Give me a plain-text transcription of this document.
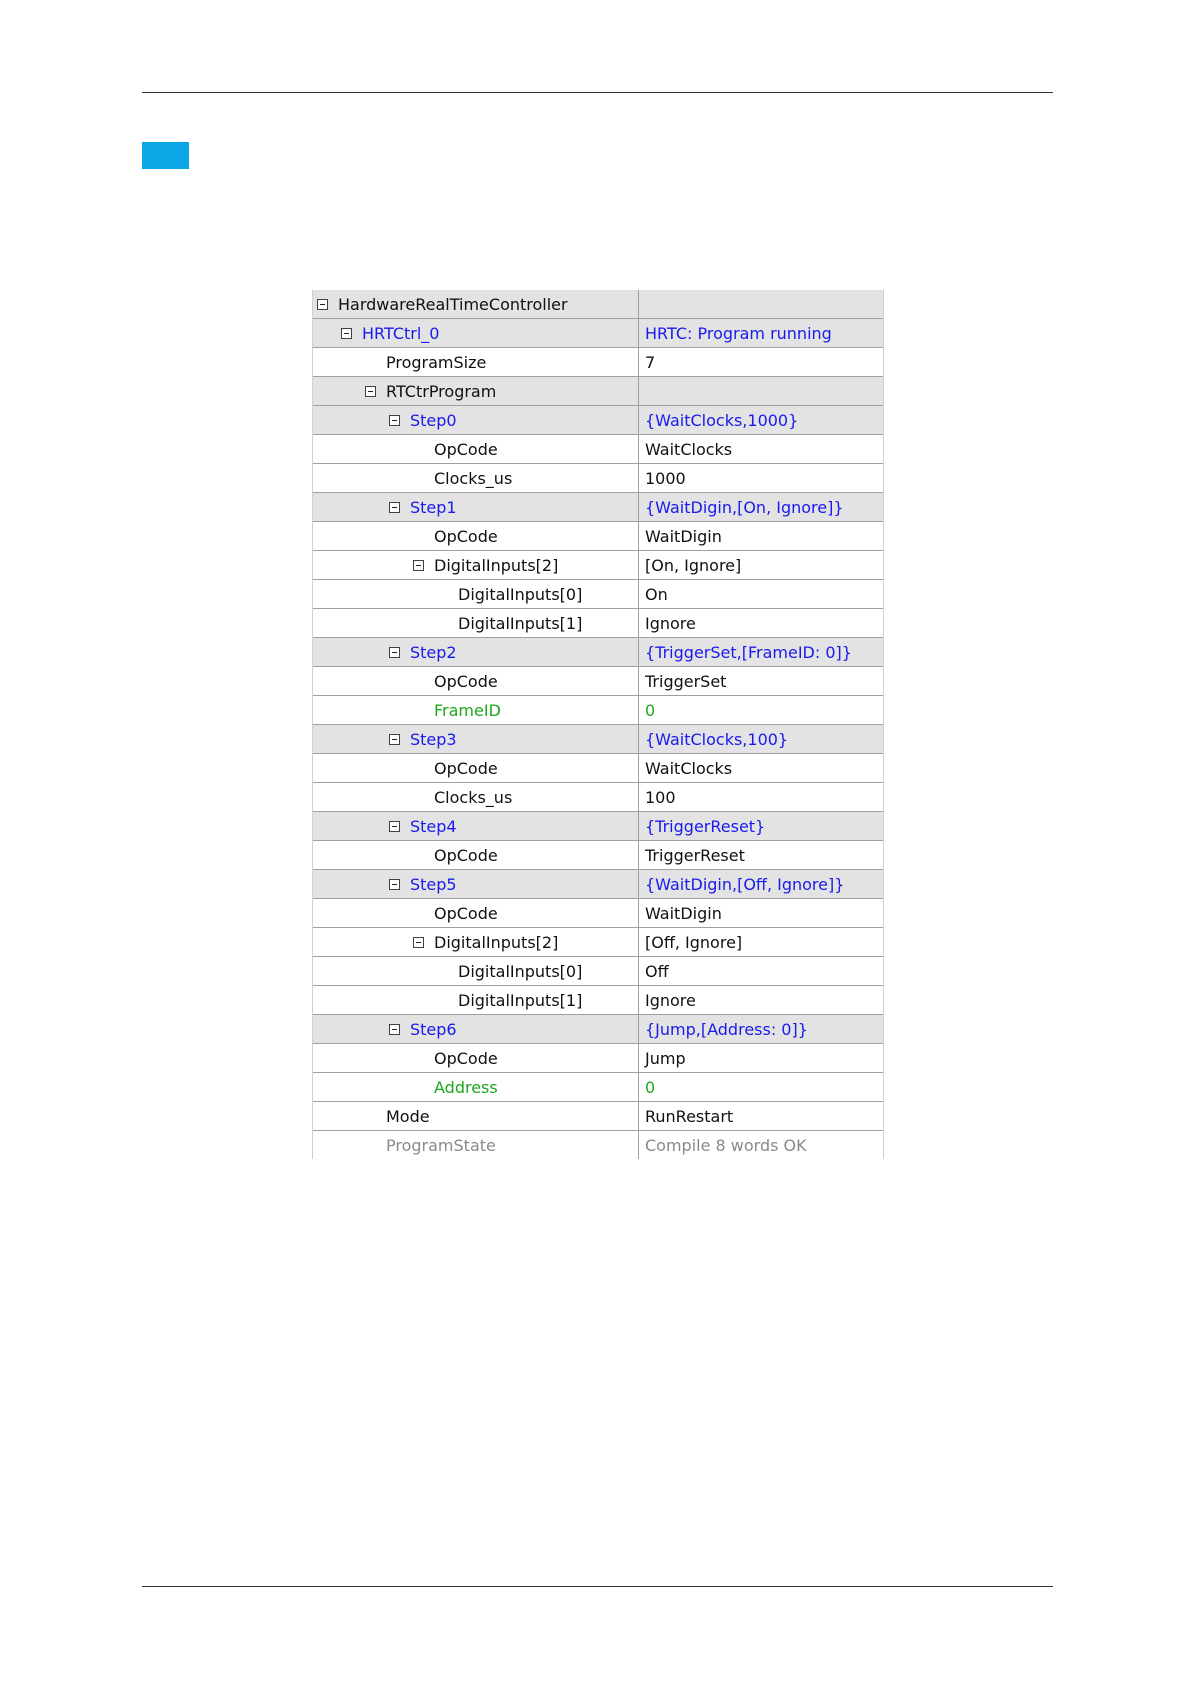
HardwareRealTimeController
HRTCtrl_0	HRTC: Program running
ProgramSize	7
RTCtrProgram
Step0	{WaitClocks,1000}
OpCode	WaitClocks
Clocks_us	1000
Step1	{WaitDigin,[On, Ignore]}
OpCode	WaitDigin
DigitalInputs[2]	[On, Ignore]
DigitalInputs[0]	On
DigitalInputs[1]	Ignore
Step2	{TriggerSet,[FrameID: 0]}
OpCode	TriggerSet
FrameID	0
Step3	{WaitClocks,100}
OpCode	WaitClocks
Clocks_us	100
Step4	{TriggerReset}
OpCode	TriggerReset
Step5	{WaitDigin,[Off, Ignore]}
OpCode	WaitDigin
DigitalInputs[2]	[Off, Ignore]
DigitalInputs[0]	Off
DigitalInputs[1]	Ignore
Step6	{Jump,[Address: 0]}
OpCode	Jump
Address	0
Mode	RunRestart
ProgramState	Compile 8 words OK
